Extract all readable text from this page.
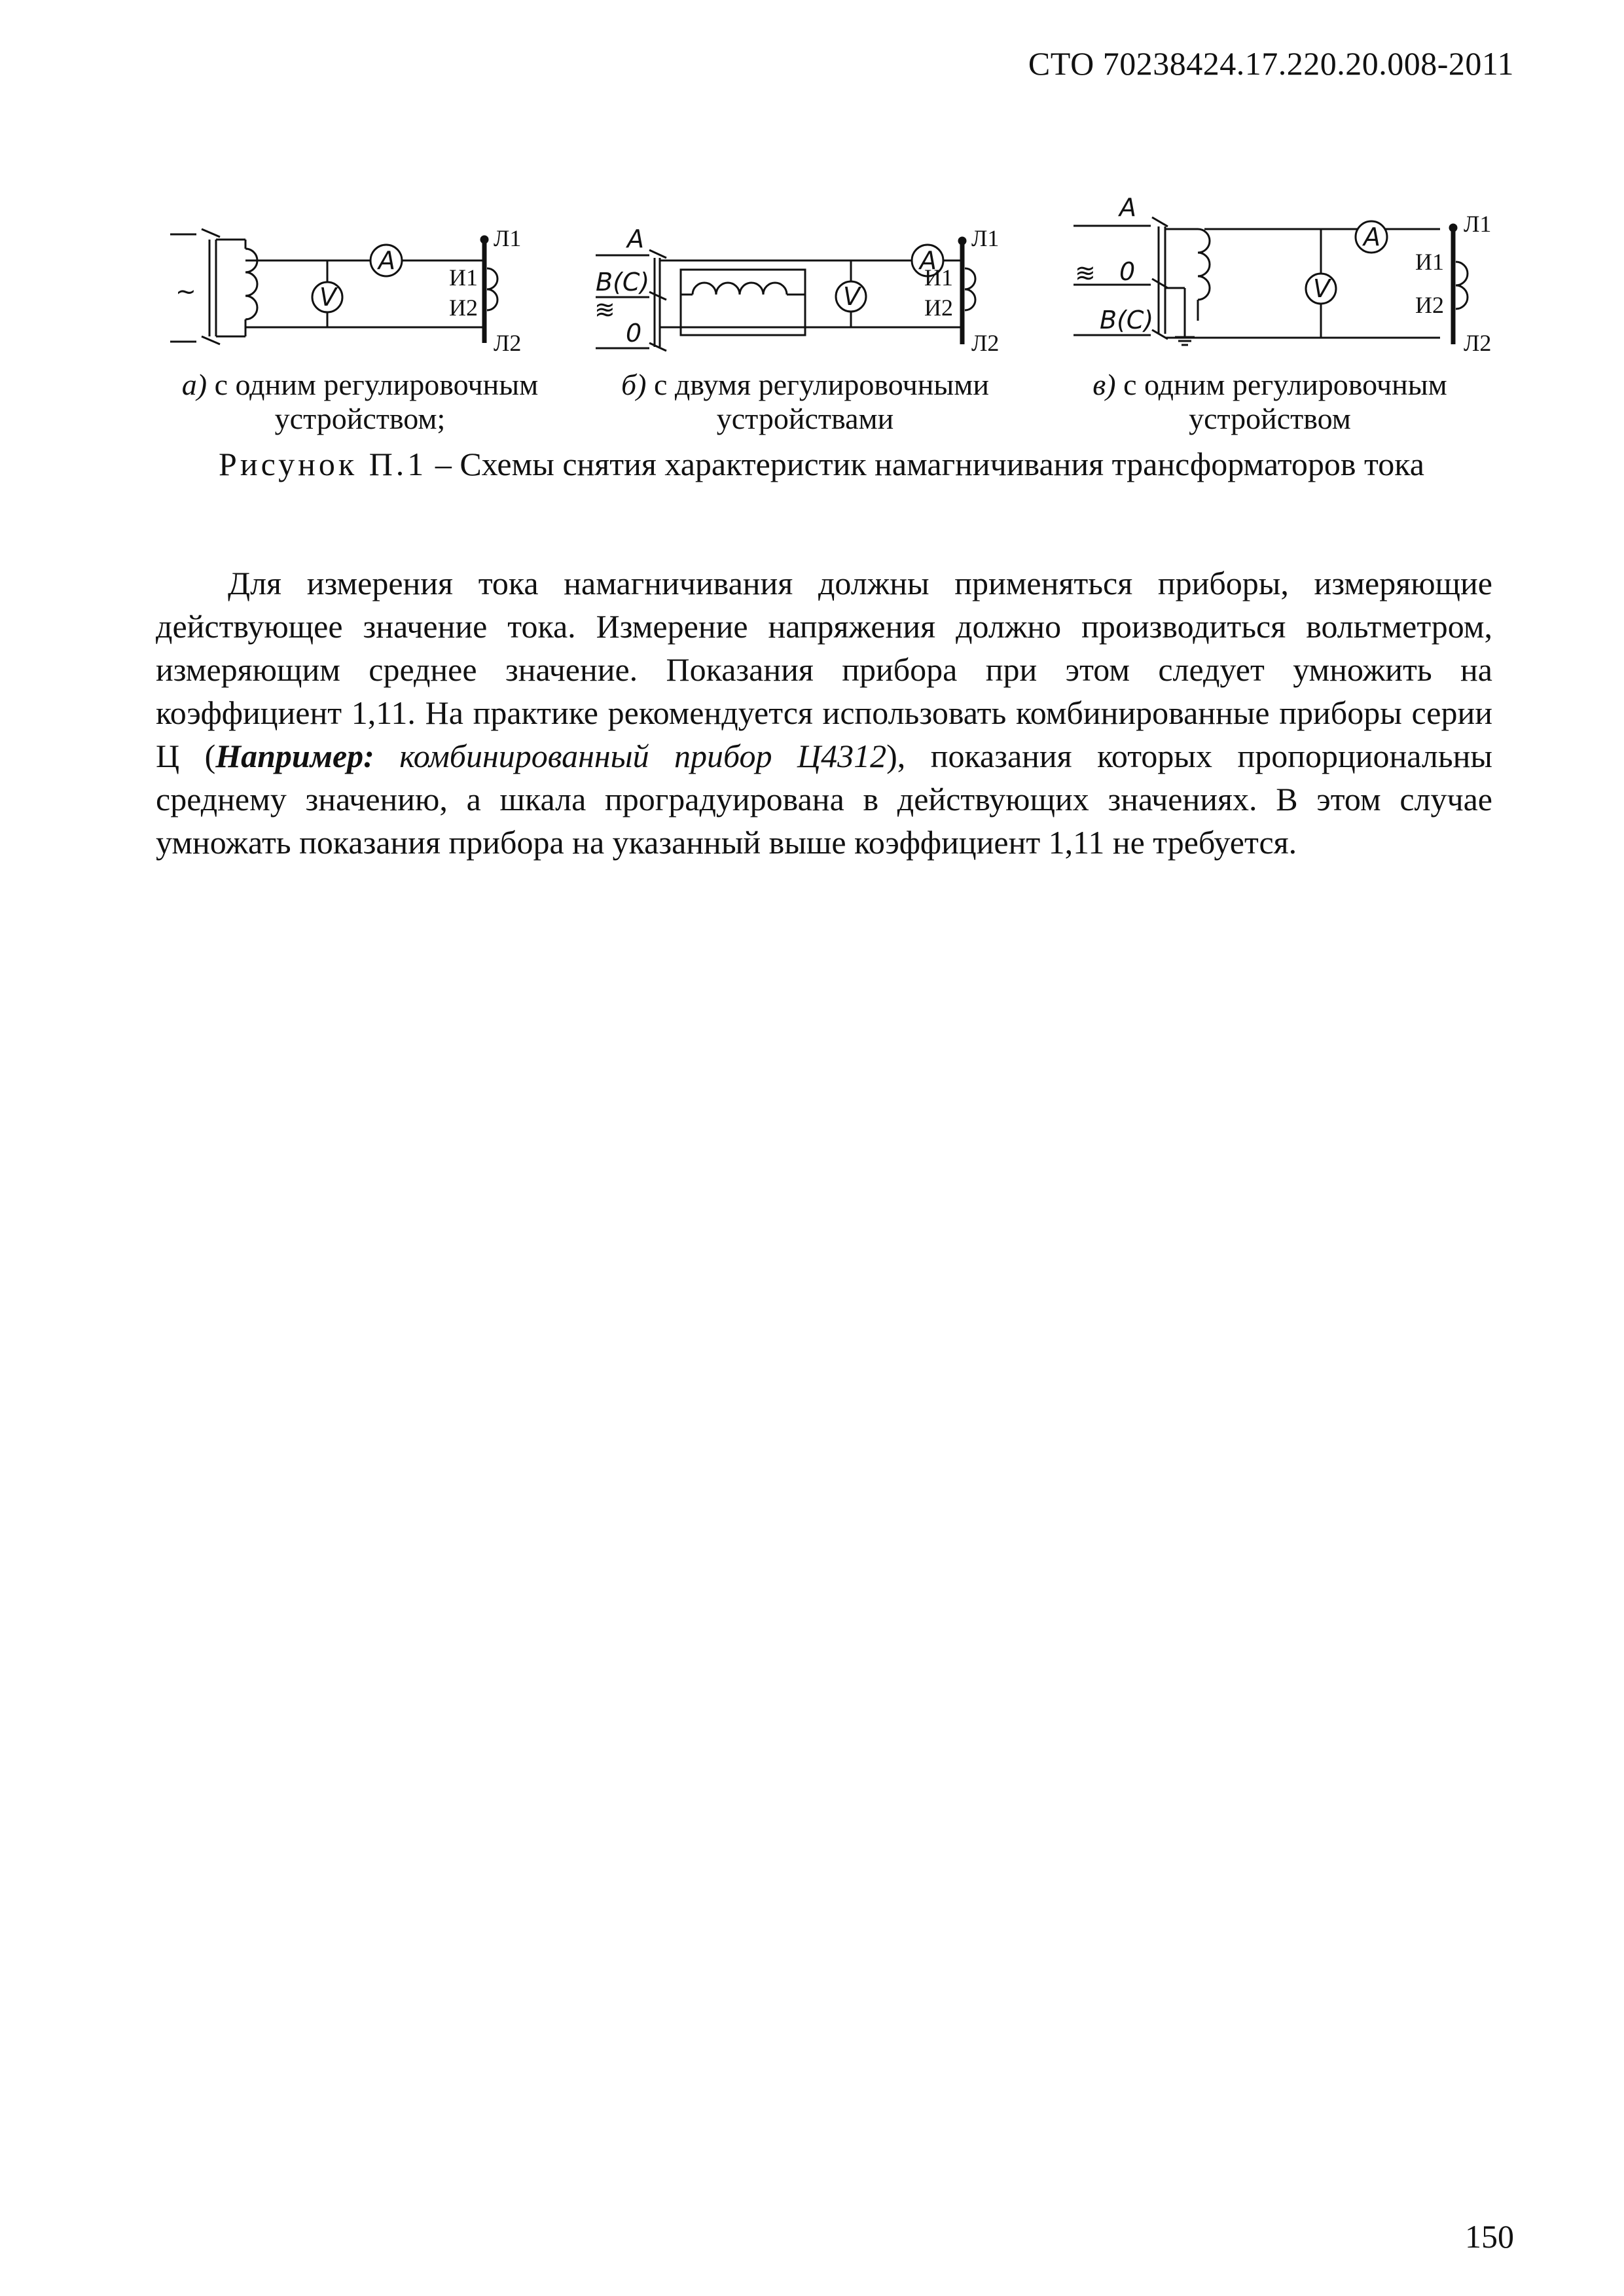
СТО 70238424.17.220.20.008-2011
~
A
V
Л1
И1
И2
Л2
A
B(C)
0
≋
A
V
Л1
И1
И2
Л2
A
0
B(C)
≋
A
V
Л1
И1
И2
Л2
а) с одним регулировочным
устройством;
б) с двумя регулировочными
устройствами
в) с одним регулировочным
устройством
Рисунок П.1 – Схемы снятия характеристик намагничивания трансформаторов тока

Для измерения тока намагничивания должны применяться приборы, измеряющие действующее значение тока. Измерение напряжения должно производиться вольтметром, измеряющим среднее значение. Показания прибора при этом следует умножить на коэффициент 1,11. На практике рекомендуется использовать комбинированные приборы серии Ц (Например: комбинированный прибор Ц4312), показания которых пропорциональны среднему значению, а шкала проградуирована в действующих значениях. В этом случае умножать показания прибора на указанный выше коэффициент 1,11 не требуется.

150
